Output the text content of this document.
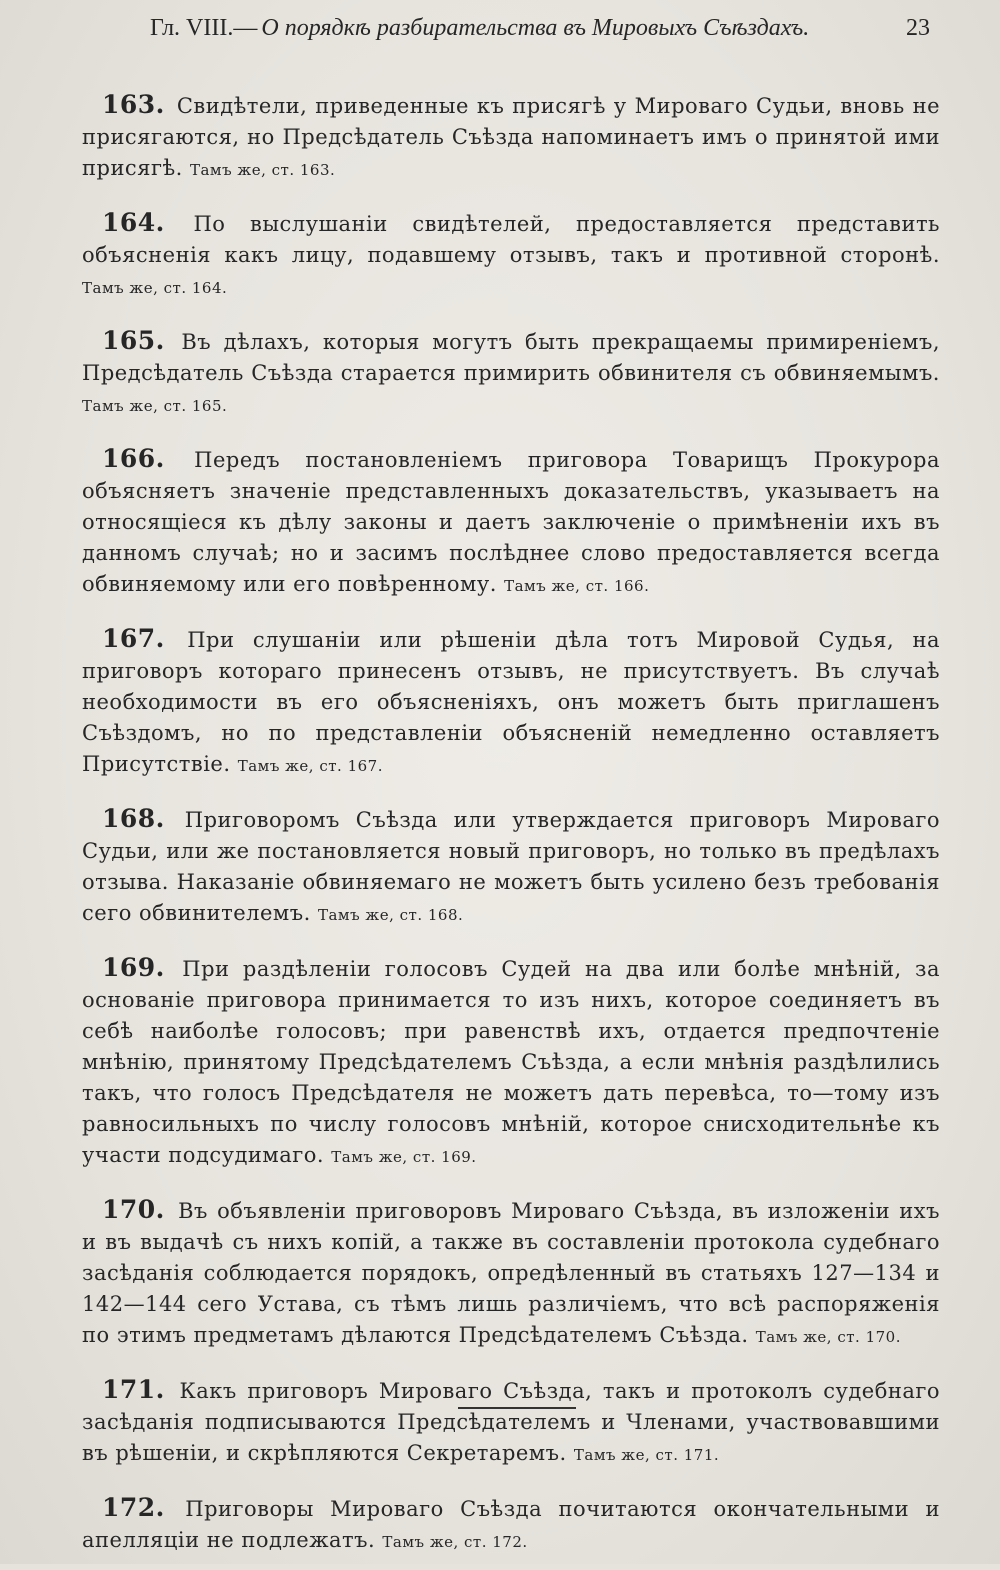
Гл. VIII.— О порядкѣ разбирательства въ Мировыхъ Съѣздахъ.	23

163. Свидѣтели, приведенные къ присягѣ у Мироваго Судьи, вновь не присягаются, но Предсѣдатель Съѣзда напоминаетъ имъ о принятой ими присягѣ. Тамъ же, ст. 163.

164. По выслушаніи свидѣтелей, предоставляется представить объясненія какъ лицу, подавшему отзывъ, такъ и противной сторонѣ. Тамъ же, ст. 164.

165. Въ дѣлахъ, которыя могутъ быть прекращаемы примиреніемъ, Предсѣдатель Съѣзда старается примирить обвинителя съ обвиняемымъ. Тамъ же, ст. 165.

166. Передъ постановленіемъ приговора Товарищъ Прокурора объясняетъ значеніе представленныхъ доказательствъ, указываетъ на относящіеся къ дѣлу законы и даетъ заключеніе о примѣненіи ихъ въ данномъ случаѣ; но и засимъ послѣднее слово предоставляется всегда обвиняемому или его повѣренному. Тамъ же, ст. 166.

167. При слушаніи или рѣшеніи дѣла тотъ Мировой Судья, на приговоръ котораго принесенъ отзывъ, не присутствуетъ. Въ случаѣ необходимости въ его объясненіяхъ, онъ можетъ быть приглашенъ Съѣздомъ, но по представленіи объясненій немедленно оставляетъ Присутствіе. Тамъ же, ст. 167.

168. Приговоромъ Съѣзда или утверждается приговоръ Мироваго Судьи, или же постановляется новый приговоръ, но только въ предѣлахъ отзыва. Наказаніе обвиняемаго не можетъ быть усилено безъ требованія сего обвинителемъ. Тамъ же, ст. 168.

169. При раздѣленіи голосовъ Судей на два или болѣе мнѣній, за основаніе приговора принимается то изъ нихъ, которое соединяетъ въ себѣ наиболѣе голосовъ; при равенствѣ ихъ, отдается предпочтеніе мнѣнію, принятому Предсѣдателемъ Съѣзда, а если мнѣнія раздѣлились такъ, что голосъ Предсѣдателя не можетъ дать перевѣса, то—тому изъ равносильныхъ по числу голосовъ мнѣній, которое снисходительнѣе къ участи подсудимаго. Тамъ же, ст. 169.

170. Въ объявленіи приговоровъ Мироваго Съѣзда, въ изложеніи ихъ и въ выдачѣ съ нихъ копій, а также въ составленіи протокола судебнаго засѣданія соблюдается порядокъ, опредѣленный въ статьяхъ 127—134 и 142—144 сего Устава, съ тѣмъ лишь различіемъ, что всѣ распоряженія по этимъ предметамъ дѣлаются Предсѣдателемъ Съѣзда. Тамъ же, ст. 170.

171. Какъ приговоръ Мироваго Съѣзда, такъ и протоколъ судебнаго засѣданія подписываются Предсѣдателемъ и Членами, участвовавшими въ рѣшеніи, и скрѣпляются Секретаремъ. Тамъ же, ст. 171.

172. Приговоры Мироваго Съѣзда почитаются окончательными и апелляціи не подлежатъ. Тамъ же, ст. 172.
